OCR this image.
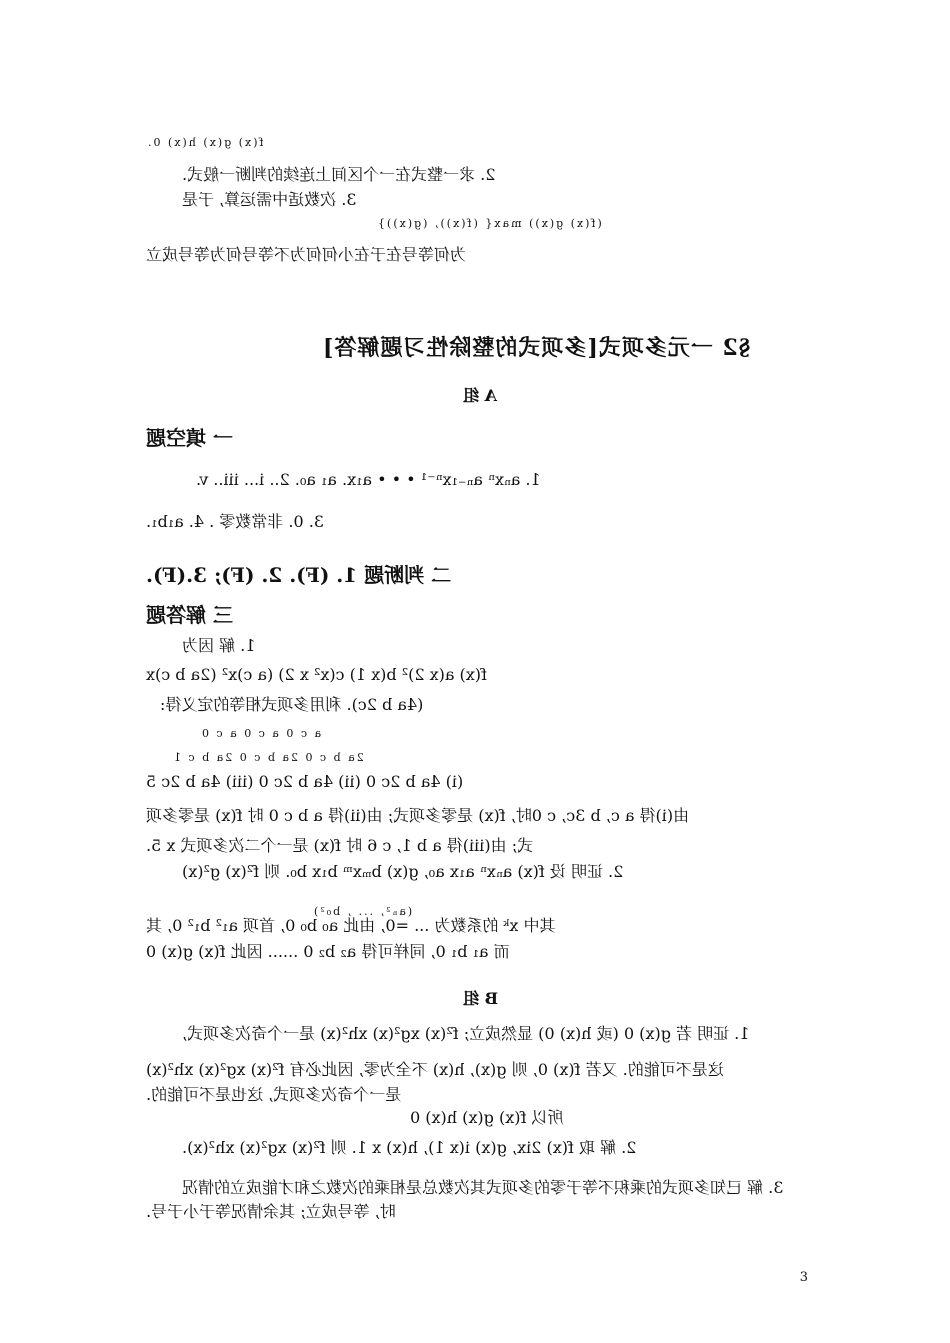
f(x) g(x) h(x) 0.
2. 求一整式在一个区间上连续的判断一般式.
3. 次数适中需运算, 于是
(f(x) g(x)) max{ (f(x)), (g(x))}
为何等号在于在小何何为不等号何为等号成立
§2 一元多项式[多项式的整除性习题解答]
A 组
一 填空题
1. aₙxⁿ aₙ₋₁xⁿ⁻¹ • • • a₁x. a₁ a₀. 2.. i... iii.. v.
3. 0. 非常数零 . 4. a₁b₁.
二 判断题 1. (F). 2. (F); 3.(F).
三 解答题
1. 解 因为
f(x) a(x 2)² b(x 1) c(x² x 2) (a c)x² (2a b c)x
(4a b 2c). 利用多项式相等的定义得:
a c 0 a c 0 a c 0
2a b c 0 2a b c 0 2a b c 1
(i) 4a b 2c 0 (ii) 4a b 2c 0 (iii) 4a b 2c 5
由(i)得 a c, b 3c, c 0时, f(x) 是零多项式; 由(ii)得 a b c 0 时 f(x) 是零多项
式; 由(iii)得 a b 1, c 6 时 f(x) 是一个二次多项式 x 5.
2. 证明 设 f(x) aₙxⁿ a₁x a₀, g(x) bₘxᵐ b₁x b₀. 则 f²(x) g²(x)
(aₙ², ... , b₀²)
其中 xᵏ 的系数为 ... =0, 由此 a₀ b₀ 0, 首项 a₁² b₁² 0, 其
而 a₁ b₁ 0, 同样可得 a₂ b₂ 0 ...... 因此 f(x) g(x) 0
B 组
1. 证明 若 g(x) 0 (或 h(x) 0) 显然成立; f²(x) xg²(x) xh²(x) 是一个奇次多项式,
这是不可能的. 又若 f(x) 0, 则 g(x), h(x) 不全为零, 因此必有 f²(x) xg²(x) xh²(x)
是一个奇次多项式, 这也是不可能的.
所以 f(x) g(x) h(x) 0
2. 解 取 f(x) 2ix, g(x) i(x 1), h(x) x 1. 则 f²(x) xg²(x) xh²(x).
3. 解 已知多项式的乘积不等于零的多项式其次数总是相乘的次数之和才能成立的情况
时, 等号成立; 其余情况等于小于号.
3
